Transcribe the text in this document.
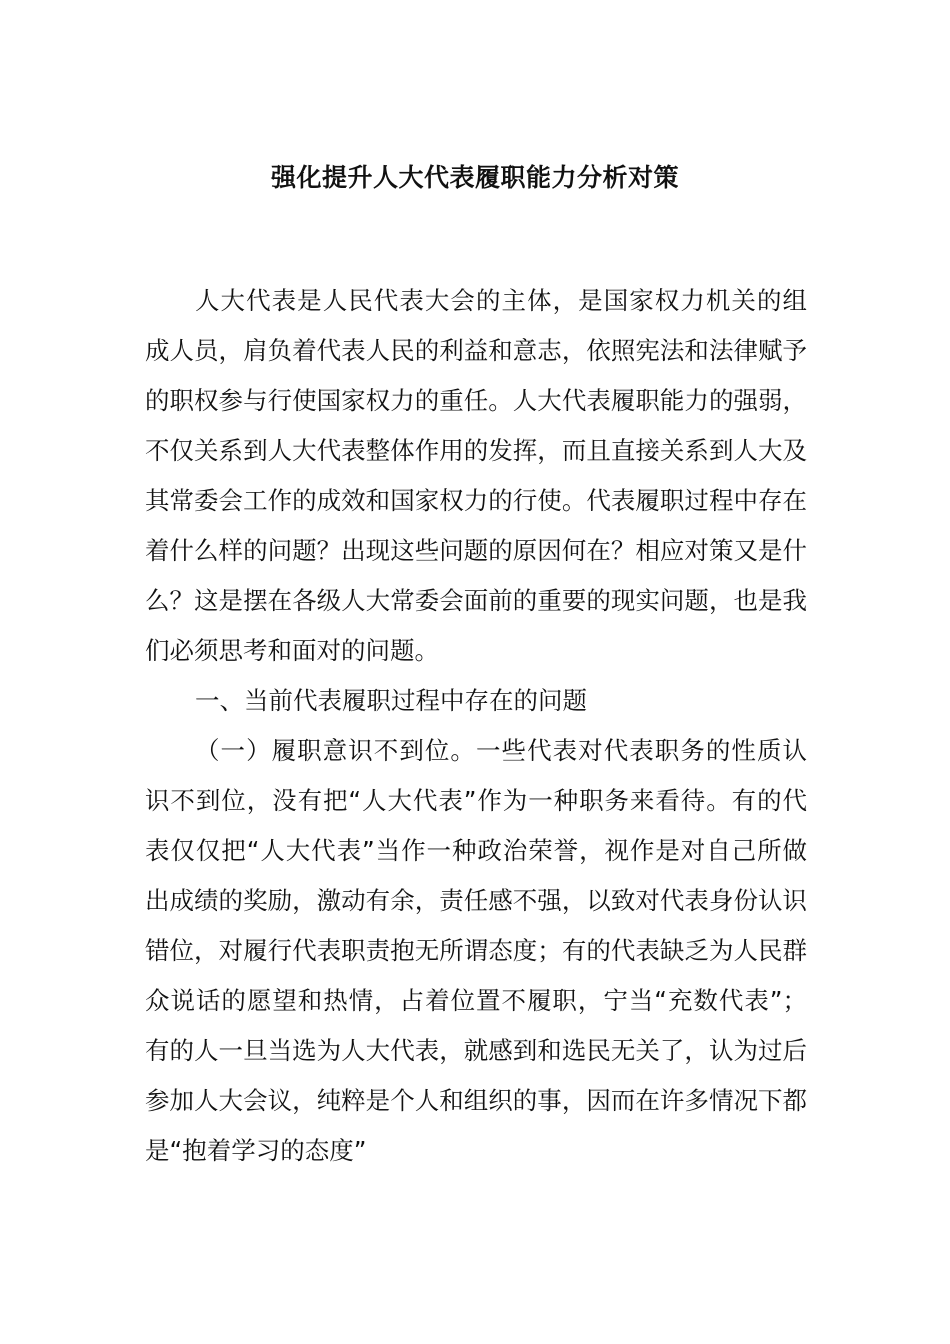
强化提升人大代表履职能力分析对策

人大代表是人民代表大会的主体，是国家权力机关的组成人员，肩负着代表人民的利益和意志，依照宪法和法律赋予的职权参与行使国家权力的重任。人大代表履职能力的强弱，不仅关系到人大代表整体作用的发挥，而且直接关系到人大及其常委会工作的成效和国家权力的行使。代表履职过程中存在着什么样的问题？出现这些问题的原因何在？相应对策又是什么？这是摆在各级人大常委会面前的重要的现实问题，也是我们必须思考和面对的问题。

一、当前代表履职过程中存在的问题

（一）履职意识不到位。一些代表对代表职务的性质认识不到位，没有把“人大代表”作为一种职务来看待。有的代表仅仅把“人大代表”当作一种政治荣誉，视作是对自己所做出成绩的奖励，激动有余，责任感不强，以致对代表身份认识错位，对履行代表职责抱无所谓态度；有的代表缺乏为人民群众说话的愿望和热情，占着位置不履职，宁当“充数代表”；有的人一旦当选为人大代表，就感到和选民无关了，认为过后参加人大会议，纯粹是个人和组织的事，因而在许多情况下都是“抱着学习的态度”
